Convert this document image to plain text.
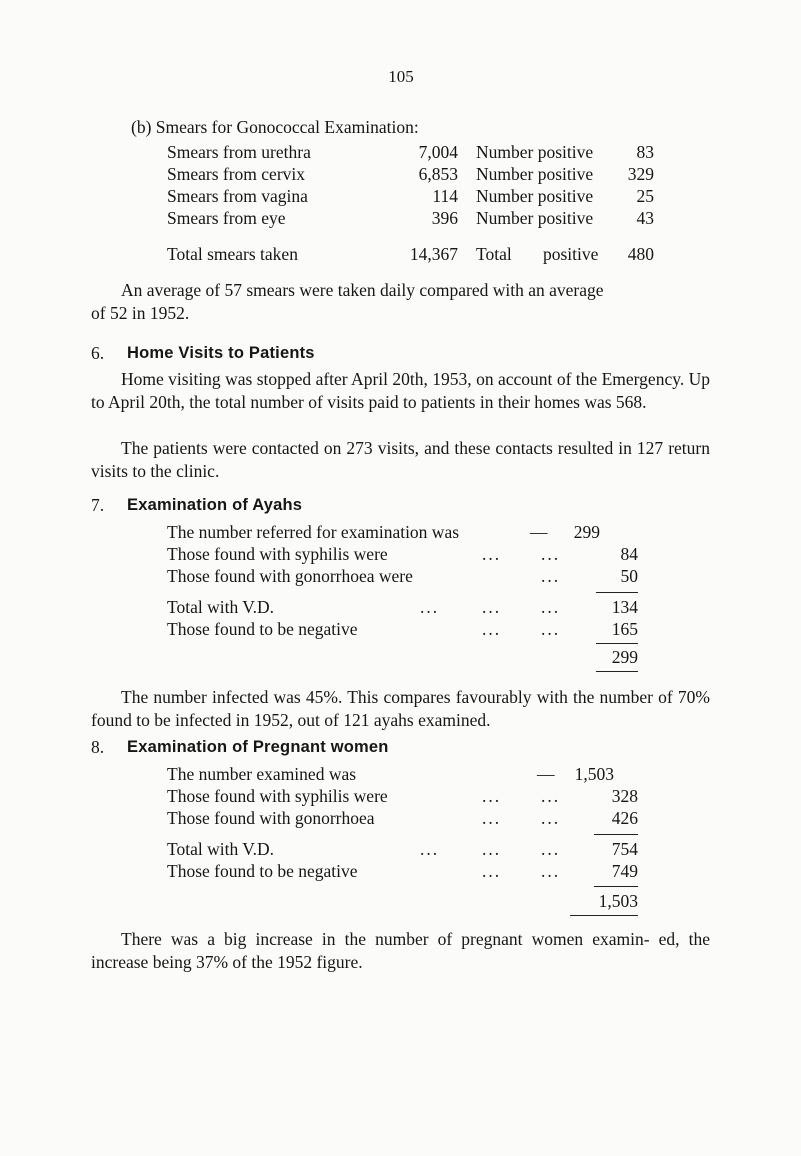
105
(b) Smears for Gonococcal Examination:
Smears from urethra	7,004 Number positive	83
Smears from cervix	6,853 Number positive	329
Smears from vagina	114 Number positive	25
Smears from eye	396 Number positive	43
Total smears taken	14,367 Total positive	480
An average of 57 smears were taken daily compared with an average
of 52 in 1952.
6. Home Visits to Patients
Home visiting was stopped after April 20th, 1953, on account of the Emergency. Up to April 20th, the total number of visits paid to patients in their homes was 568.
The patients were contacted on 273 visits, and these contacts resulted in 127 return visits to the clinic.
7. Examination of Ayahs
The number referred for examination was	—	299
Those found with syphilis were	... ...	84
Those found with gonorrhoea were	...	50
Total with V.D.	... ... ...	134
Those found to be negative	... ...	165
299
The number infected was 45%. This compares favourably with the number of 70% found to be infected in 1952, out of 121 ayahs examined.
8. Examination of Pregnant women
The number examined was	—	1,503
Those found with syphilis were	... ...	328
Those found with gonorrhoea	... ...	426
Total with V.D.	... ... ...	754
Those found to be negative	... ...	749
1,503
There was a big increase in the number of pregnant women examin- ed, the increase being 37% of the 1952 figure.
